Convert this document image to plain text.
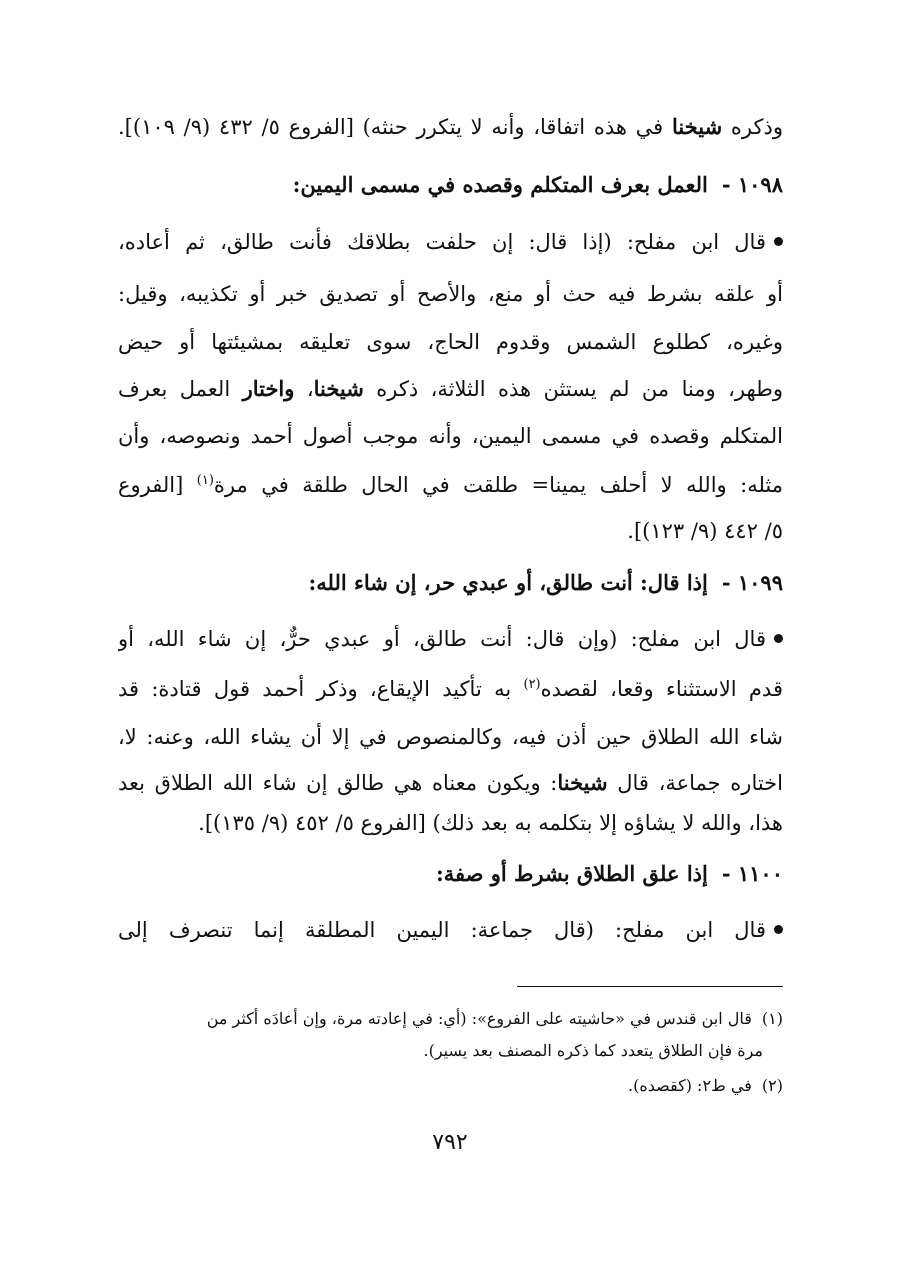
وذكره شيخنا في هذه اتفاقا، وأنه لا يتكرر حنثه) [الفروع ٥/ ٤٣٢ (٩/ ١٠٩)].
١٠٩٨ -العمل بعرف المتكلم وقصده في مسمى اليمين:
قال ابن مفلح: (إذا قال: إن حلفت بطلاقك فأنت طالق، ثم أعاده،
أو علقه بشرط فيه حث أو منع، والأصح أو تصديق خبر أو تكذيبه، وقيل:
وغيره، كطلوع الشمس وقدوم الحاج، سوى تعليقه بمشيئتها أو حيض
وطهر، ومنا من لم يستثن هذه الثلاثة، ذكره شيخنا، واختار العمل بعرف
المتكلم وقصده في مسمى اليمين، وأنه موجب أصول أحمد ونصوصه، وأن
مثله: والله لا أحلف يمينا= طلقت في الحال طلقة في مرة$^{(١)}$ [الفروع
٥/ ٤٤٢ (٩/ ١٢٣)].
١٠٩٩ -إذا قال: أنت طالق، أو عبدي حر، إن شاء الله:
قال ابن مفلح: (وإن قال: أنت طالق، أو عبدي حرٌّ، إن شاء الله، أو
قدم الاستثناء وقعا، لقصده$^{(٢)}$ به تأكيد الإيقاع، وذكر أحمد قول قتادة: قد
شاء الله الطلاق حين أذن فيه، وكالمنصوص في إلا أن يشاء الله، وعنه: لا،
اختاره جماعة، قال شيخنا: ويكون معناه هي طالق إن شاء الله الطلاق بعد
هذا، والله لا يشاؤه إلا بتكلمه به بعد ذلك) [الفروع ٥/ ٤٥٢ (٩/ ١٣٥)].
١١٠٠ -إذا علق الطلاق بشرط أو صفة:
قال ابن مفلح: (قال جماعة: اليمين المطلقة إنما تنصرف إلى
(١)قال ابن قندس في «حاشيته على الفروع»: (أي: في إعادته مرة، وإن أعادَه أكثر من
مرة فإن الطلاق يتعدد كما ذكره المصنف بعد يسير).
(٢)في ط٢: (كقصده).
٧٩٢
